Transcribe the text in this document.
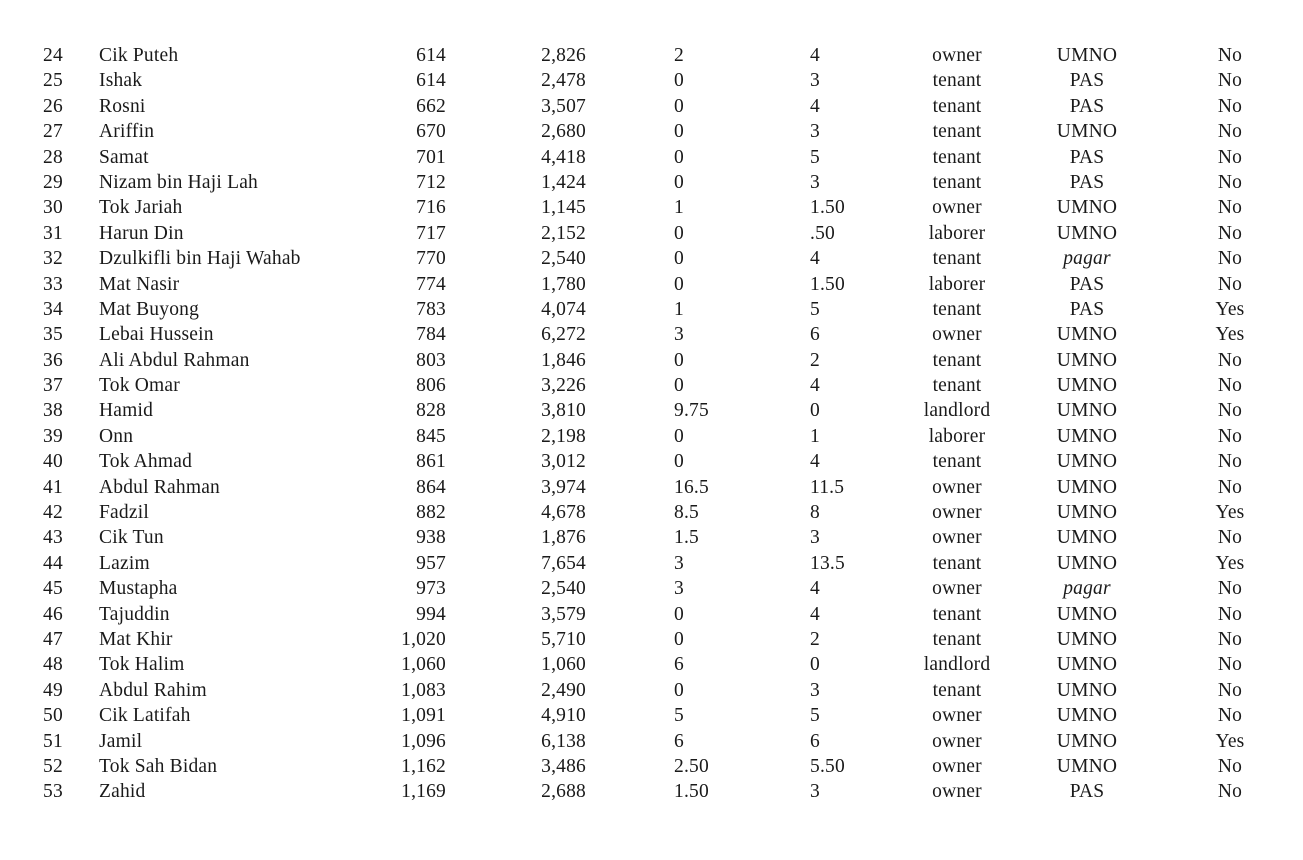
24	Cik Puteh	614	2,826	2	4	owner	UMNO	No
25	Ishak	614	2,478	0	3	tenant	PAS	No
26	Rosni	662	3,507	0	4	tenant	PAS	No
27	Ariffin	670	2,680	0	3	tenant	UMNO	No
28	Samat	701	4,418	0	5	tenant	PAS	No
29	Nizam bin Haji Lah	712	1,424	0	3	tenant	PAS	No
30	Tok Jariah	716	1,145	1	1.50	owner	UMNO	No
31	Harun Din	717	2,152	0	.50	laborer	UMNO	No
32	Dzulkifli bin Haji Wahab	770	2,540	0	4	tenant	pagar	No
33	Mat Nasir	774	1,780	0	1.50	laborer	PAS	No
34	Mat Buyong	783	4,074	1	5	tenant	PAS	Yes
35	Lebai Hussein	784	6,272	3	6	owner	UMNO	Yes
36	Ali Abdul Rahman	803	1,846	0	2	tenant	UMNO	No
37	Tok Omar	806	3,226	0	4	tenant	UMNO	No
38	Hamid	828	3,810	9.75	0	landlord	UMNO	No
39	Onn	845	2,198	0	1	laborer	UMNO	No
40	Tok Ahmad	861	3,012	0	4	tenant	UMNO	No
41	Abdul Rahman	864	3,974	16.5	11.5	owner	UMNO	No
42	Fadzil	882	4,678	8.5	8	owner	UMNO	Yes
43	Cik Tun	938	1,876	1.5	3	owner	UMNO	No
44	Lazim	957	7,654	3	13.5	tenant	UMNO	Yes
45	Mustapha	973	2,540	3	4	owner	pagar	No
46	Tajuddin	994	3,579	0	4	tenant	UMNO	No
47	Mat Khir	1,020	5,710	0	2	tenant	UMNO	No
48	Tok Halim	1,060	1,060	6	0	landlord	UMNO	No
49	Abdul Rahim	1,083	2,490	0	3	tenant	UMNO	No
50	Cik Latifah	1,091	4,910	5	5	owner	UMNO	No
51	Jamil	1,096	6,138	6	6	owner	UMNO	Yes
52	Tok Sah Bidan	1,162	3,486	2.50	5.50	owner	UMNO	No
53	Zahid	1,169	2,688	1.50	3	owner	PAS	No
